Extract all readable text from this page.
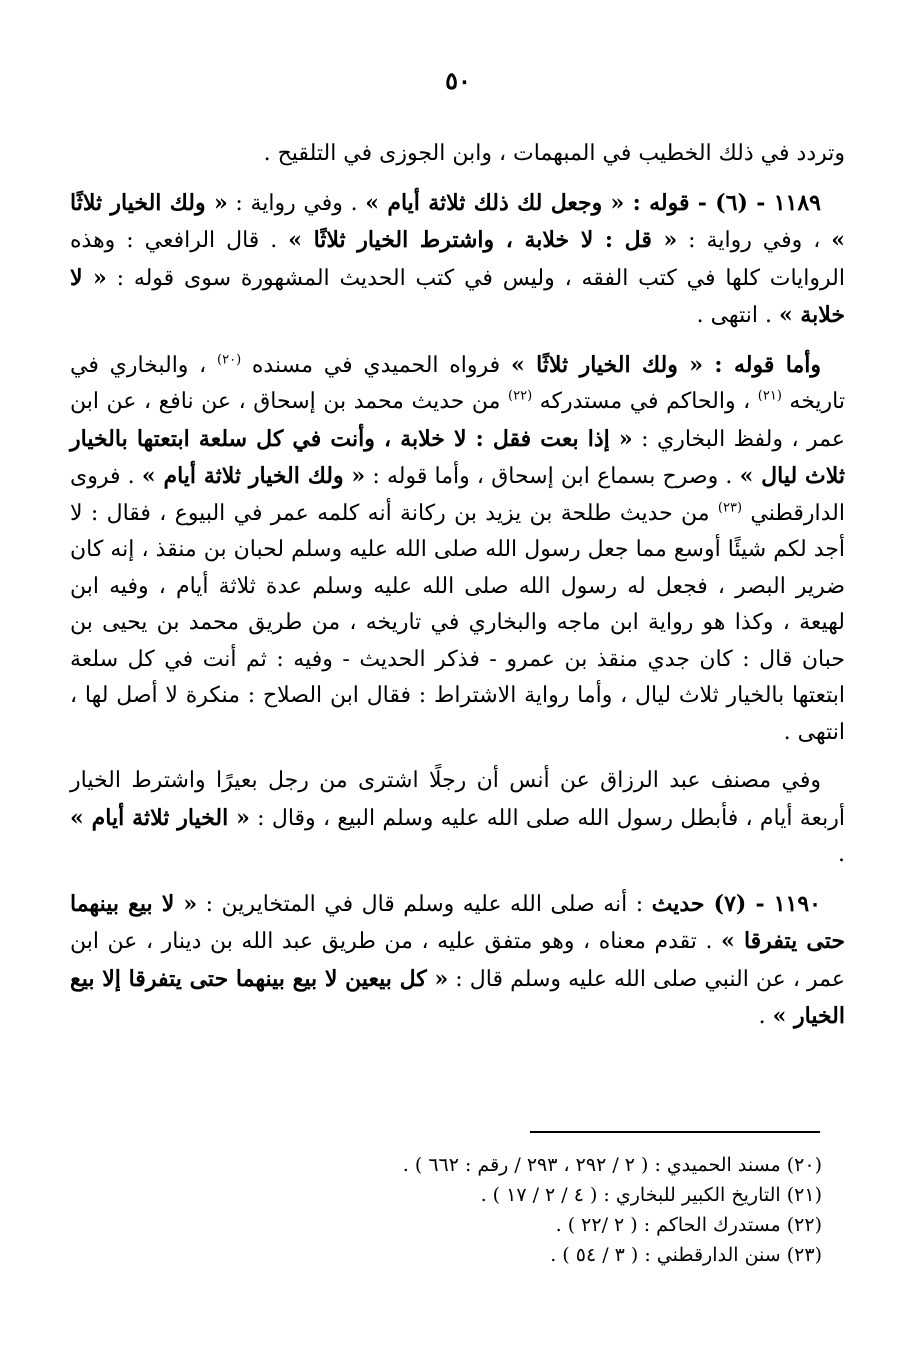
٥٠

وتردد في ذلك الخطيب في المبهمات ، وابن الجوزى في التلقيح .

١١٨٩ - (٦) - قوله : « وجعل لك ذلك ثلاثة أيام » . وفي رواية : « ولك الخيار ثلاثًا » ، وفي رواية : « قل : لا خلابة ، واشترط الخيار ثلاثًا » . قال الرافعي : وهذه الروايات كلها في كتب الفقه ، وليس في كتب الحديث المشهورة سوى قوله : « لا خلابة » . انتهى .

وأما قوله : « ولك الخيار ثلاثًا » فرواه الحميدي في مسنده $^{(٢٠)}$ ، والبخاري في تاريخه $^{(٢١)}$ ، والحاكم في مستدركه $^{(٢٢)}$ من حديث محمد بن إسحاق ، عن نافع ، عن ابن عمر ، ولفظ البخاري : « إذا بعت فقل : لا خلابة ، وأنت في كل سلعة ابتعتها بالخيار ثلاث ليال » . وصرح بسماع ابن إسحاق ، وأما قوله : « ولك الخيار ثلاثة أيام » . فروى الدارقطني $^{(٢٣)}$ من حديث طلحة بن يزيد بن ركانة أنه كلمه عمر في البيوع ، فقال : لا أجد لكم شيئًا أوسع مما جعل رسول الله صلى الله عليه وسلم لحبان بن منقذ ، إنه كان ضرير البصر ، فجعل له رسول الله صلى الله عليه وسلم عدة ثلاثة أيام ، وفيه ابن لهيعة ، وكذا هو رواية ابن ماجه والبخاري في تاريخه ، من طريق محمد بن يحيى بن حبان قال : كان جدي منقذ بن عمرو - فذكر الحديث - وفيه : ثم أنت في كل سلعة ابتعتها بالخيار ثلاث ليال ، وأما رواية الاشتراط : فقال ابن الصلاح : منكرة لا أصل لها ، انتهى .

وفي مصنف عبد الرزاق عن أنس أن رجلًا اشترى من رجل بعيرًا واشترط الخيار أربعة أيام ، فأبطل رسول الله صلى الله عليه وسلم البيع ، وقال : « الخيار ثلاثة أيام » .

١١٩٠ - (٧) حديث : أنه صلى الله عليه وسلم قال في المتخايرين : « لا بيع بينهما حتى يتفرقا » . تقدم معناه ، وهو متفق عليه ، من طريق عبد الله بن دينار ، عن ابن عمر ، عن النبي صلى الله عليه وسلم قال : « كل بيعين لا بيع بينهما حتى يتفرقا إلا بيع الخيار » .

(٢٠) مسند الحميدي : ( ٢ / ٢٩٢ ، ٢٩٣ / رقم : ٦٦٢ ) .
(٢١) التاريخ الكبير للبخاري : ( ٤ / ٢ / ١٧ ) .
(٢٢) مستدرك الحاكم : ( ٢ /٢٢ ) .
(٢٣) سنن الدارقطني : ( ٣ / ٥٤ ) .
